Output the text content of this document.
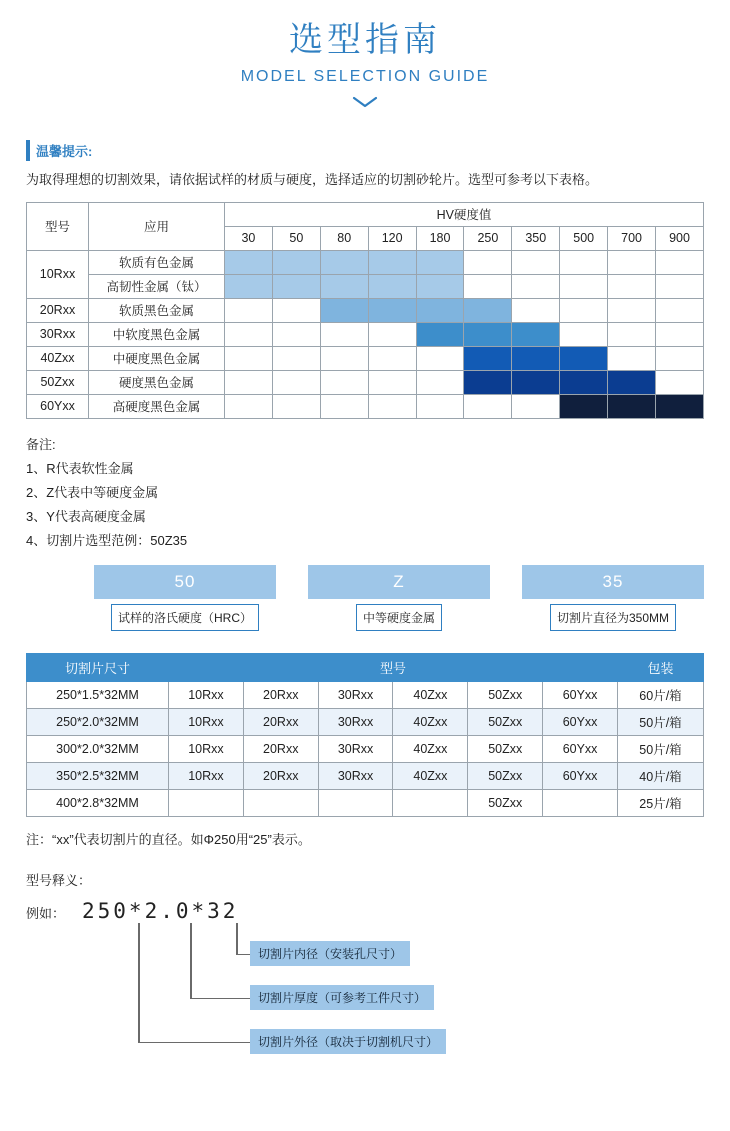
选型指南
MODEL SELECTION GUIDE
温馨提示:
为取得理想的切割效果，请依据试样的材质与硬度，选择适应的切割砂轮片。选型可参考以下表格。
型号	应用	HV硬度值									
		30	50	80	120	180	250	350	500	700	900
10Rxx	软质有色金属										
	高韧性金属（钛）										
20Rxx	软质黑色金属										
30Rxx	中软度黑色金属										
40Zxx	中硬度黑色金属										
50Zxx	硬度黑色金属										
60Yxx	高硬度黑色金属										
备注:
1、R代表软性金属
2、Z代表中等硬度金属
3、Y代表高硬度金属
4、切割片选型范例：50Z35
50
试样的洛氏硬度（HRC）
Z
中等硬度金属
35
切割片直径为350MM
切割片尺寸	型号						包装
250*1.5*32MM	10Rxx	20Rxx	30Rxx	40Zxx	50Zxx	60Yxx	60片/箱
250*2.0*32MM	10Rxx	20Rxx	30Rxx	40Zxx	50Zxx	60Yxx	50片/箱
300*2.0*32MM	10Rxx	20Rxx	30Rxx	40Zxx	50Zxx	60Yxx	50片/箱
350*2.5*32MM	10Rxx	20Rxx	30Rxx	40Zxx	50Zxx	60Yxx	40片/箱
400*2.8*32MM					50Zxx		25片/箱
注：“xx”代表切割片的直径。如Φ250用“25”表示。
型号释义：
例如： 250*2.0*32
切割片内径（安装孔尺寸）
切割片厚度（可参考工件尺寸）
切割片外径（取决于切割机尺寸）
